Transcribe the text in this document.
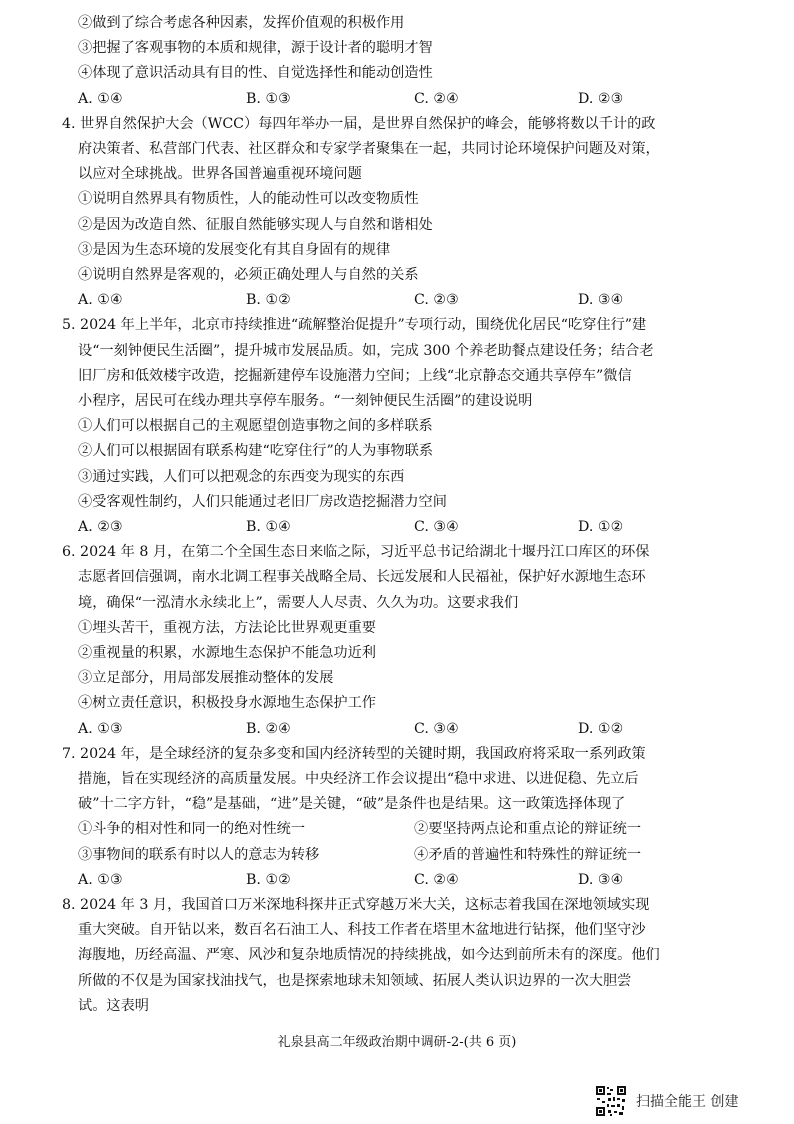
②做到了综合考虑各种因素，发挥价值观的积极作用
③把握了客观事物的本质和规律，源于设计者的聪明才智
④体现了意识活动具有目的性、自觉选择性和能动创造性
A. ①④	B. ①③	C. ②④	D. ②③
4. 世界自然保护大会（WCC）每四年举办一届，是世界自然保护的峰会，能够将数以千计的政
府决策者、私营部门代表、社区群众和专家学者聚集在一起，共同讨论环境保护问题及对策，
以应对全球挑战。世界各国普遍重视环境问题
①说明自然界具有物质性，人的能动性可以改变物质性
②是因为改造自然、征服自然能够实现人与自然和谐相处
③是因为生态环境的发展变化有其自身固有的规律
④说明自然界是客观的，必须正确处理人与自然的关系
A. ①④	B. ①②	C. ②③	D. ③④
5. 2024 年上半年，北京市持续推进“疏解整治促提升”专项行动，围绕优化居民“吃穿住行”建
设“一刻钟便民生活圈”，提升城市发展品质。如，完成 300 个养老助餐点建设任务；结合老
旧厂房和低效楼宇改造，挖掘新建停车设施潜力空间；上线“北京静态交通共享停车”微信
小程序，居民可在线办理共享停车服务。“一刻钟便民生活圈”的建设说明
①人们可以根据自己的主观愿望创造事物之间的多样联系
②人们可以根据固有联系构建“吃穿住行”的人为事物联系
③通过实践，人们可以把观念的东西变为现实的东西
④受客观性制约，人们只能通过老旧厂房改造挖掘潜力空间
A. ②③	B. ①④	C. ③④	D. ①②
6. 2024 年 8 月，在第二个全国生态日来临之际，习近平总书记给湖北十堰丹江口库区的环保
志愿者回信强调，南水北调工程事关战略全局、长远发展和人民福祉，保护好水源地生态环
境，确保“一泓清水永续北上”，需要人人尽责、久久为功。这要求我们
①埋头苦干，重视方法，方法论比世界观更重要
②重视量的积累，水源地生态保护不能急功近利
③立足部分，用局部发展推动整体的发展
④树立责任意识，积极投身水源地生态保护工作
A. ①③	B. ②④	C. ③④	D. ①②
7. 2024 年，是全球经济的复杂多变和国内经济转型的关键时期，我国政府将采取一系列政策
措施，旨在实现经济的高质量发展。中央经济工作会议提出“稳中求进、以进促稳、先立后
破”十二字方针，“稳”是基础，“进”是关键，“破”是条件也是结果。这一政策选择体现了
①斗争的相对性和同一的绝对性统一	②要坚持两点论和重点论的辩证统一
③事物间的联系有时以人的意志为转移	④矛盾的普遍性和特殊性的辩证统一
A. ①③	B. ①②	C. ②④	D. ③④
8. 2024 年 3 月，我国首口万米深地科探井正式穿越万米大关，这标志着我国在深地领域实现
重大突破。自开钻以来，数百名石油工人、科技工作者在塔里木盆地进行钻探，他们坚守沙
海腹地，历经高温、严寒、风沙和复杂地质情况的持续挑战，如今达到前所未有的深度。他们
所做的不仅是为国家找油找气，也是探索地球未知领域、拓展人类认识边界的一次大胆尝
试。这表明
礼泉县高二年级政治期中调研-2-(共 6 页)
扫描全能王 创建
